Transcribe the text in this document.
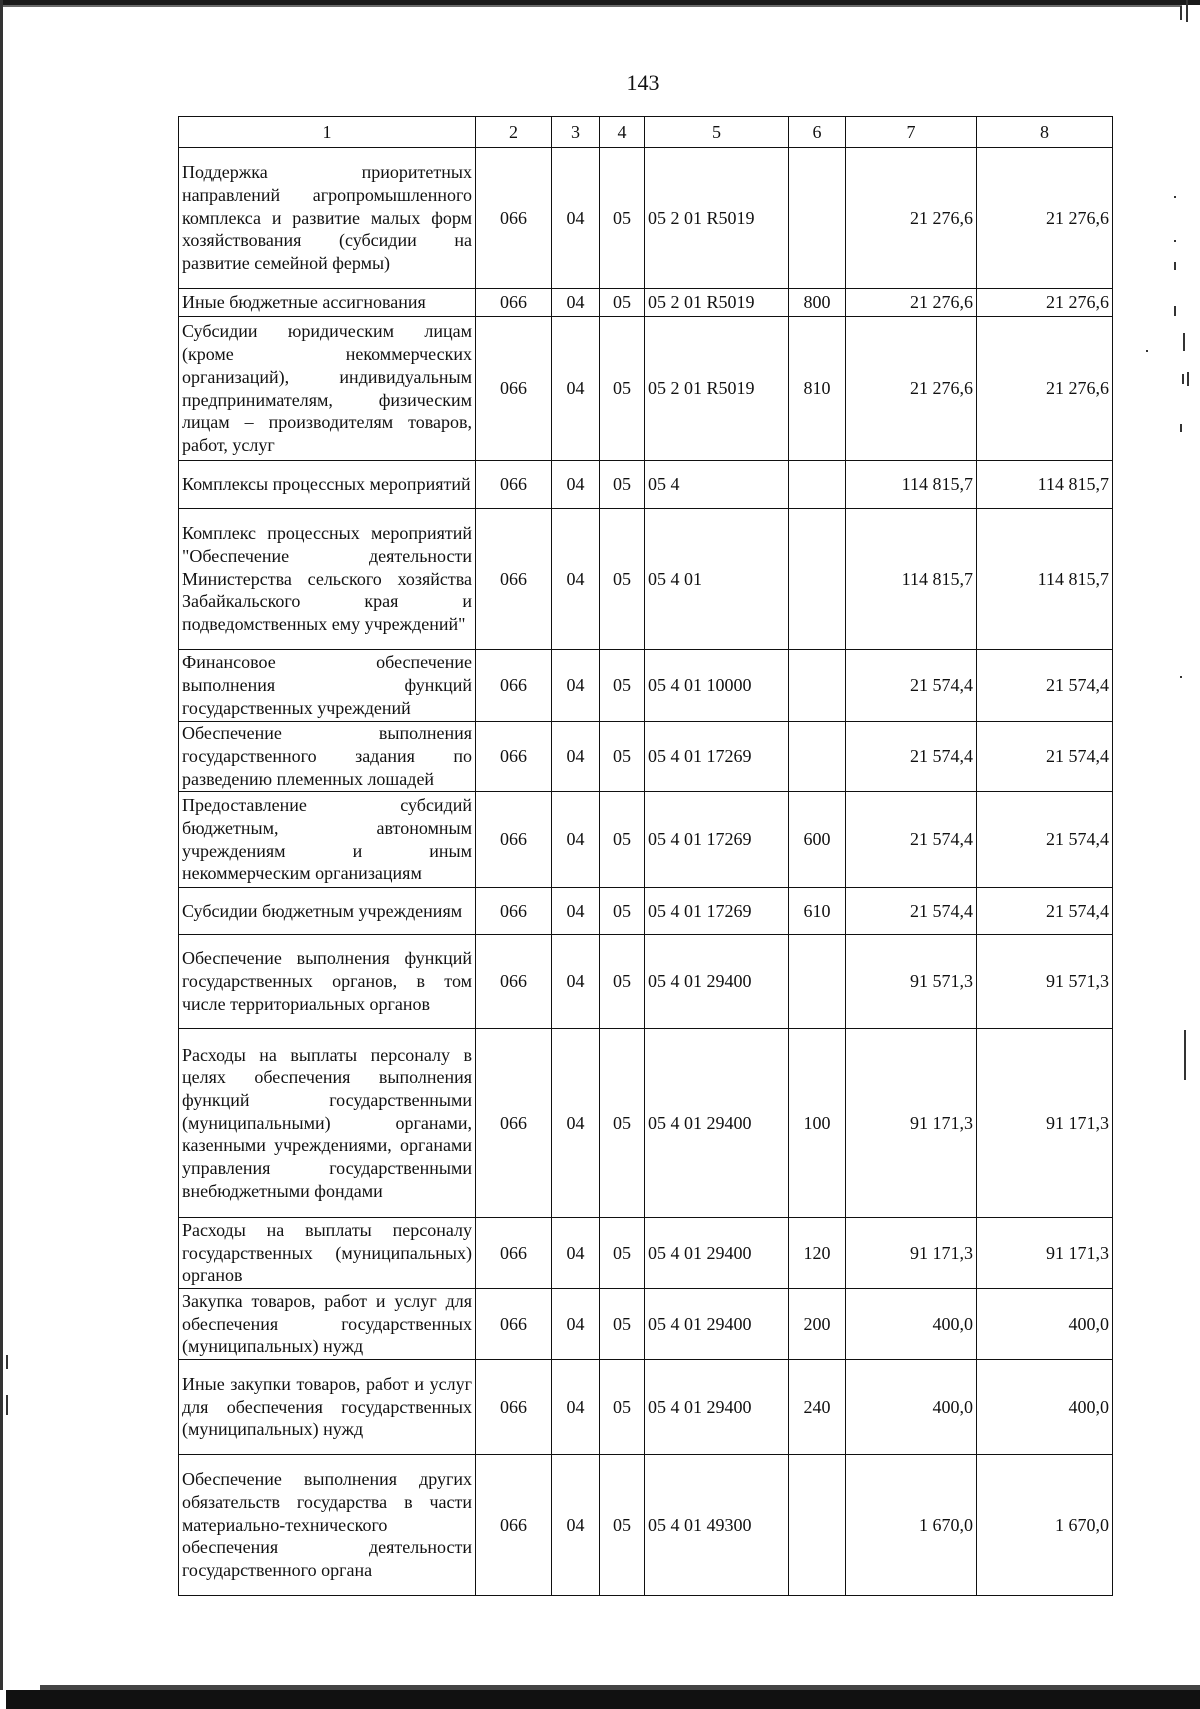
143
1	2	3	4	5	6	7	8
Поддержка приоритетных направлений агропромышленного комплекса и развитие малых форм хозяйствования (субсидии на развитие семейной фермы)	066	04	05	05 2 01 R5019		21 276,6	21 276,6
Иные бюджетные ассигнования	066	04	05	05 2 01 R5019	800	21 276,6	21 276,6
Субсидии юридическим лицам (кроме некоммерческих организаций), индивидуальным предпринимателям, физическим лицам – производителям товаров, работ, услуг	066	04	05	05 2 01 R5019	810	21 276,6	21 276,6
Комплексы процессных мероприятий	066	04	05	05 4		114 815,7	114 815,7
Комплекс процессных мероприятий "Обеспечение деятельности Министерства сельского хозяйства Забайкальского края и подведомственных ему учреждений"	066	04	05	05 4 01		114 815,7	114 815,7
Финансовое обеспечение выполнения функций государственных учреждений	066	04	05	05 4 01 10000		21 574,4	21 574,4
Обеспечение выполнения государственного задания по разведению племенных лошадей	066	04	05	05 4 01 17269		21 574,4	21 574,4
Предоставление субсидий бюджетным, автономным учреждениям и иным некоммерческим организациям	066	04	05	05 4 01 17269	600	21 574,4	21 574,4
Субсидии бюджетным учреждениям	066	04	05	05 4 01 17269	610	21 574,4	21 574,4
Обеспечение выполнения функций государственных органов, в том числе территориальных органов	066	04	05	05 4 01 29400		91 571,3	91 571,3
Расходы на выплаты персоналу в целях обеспечения выполнения функций государственными (муниципальными) органами, казенными учреждениями, органами управления государственными внебюджетными фондами	066	04	05	05 4 01 29400	100	91 171,3	91 171,3
Расходы на выплаты персоналу государственных (муниципальных) органов	066	04	05	05 4 01 29400	120	91 171,3	91 171,3
Закупка товаров, работ и услуг для обеспечения государственных (муниципальных) нужд	066	04	05	05 4 01 29400	200	400,0	400,0
Иные закупки товаров, работ и услуг для обеспечения государственных (муниципальных) нужд	066	04	05	05 4 01 29400	240	400,0	400,0
Обеспечение выполнения других обязательств государства в части материально-технического обеспечения деятельности государственного органа	066	04	05	05 4 01 49300		1 670,0	1 670,0
